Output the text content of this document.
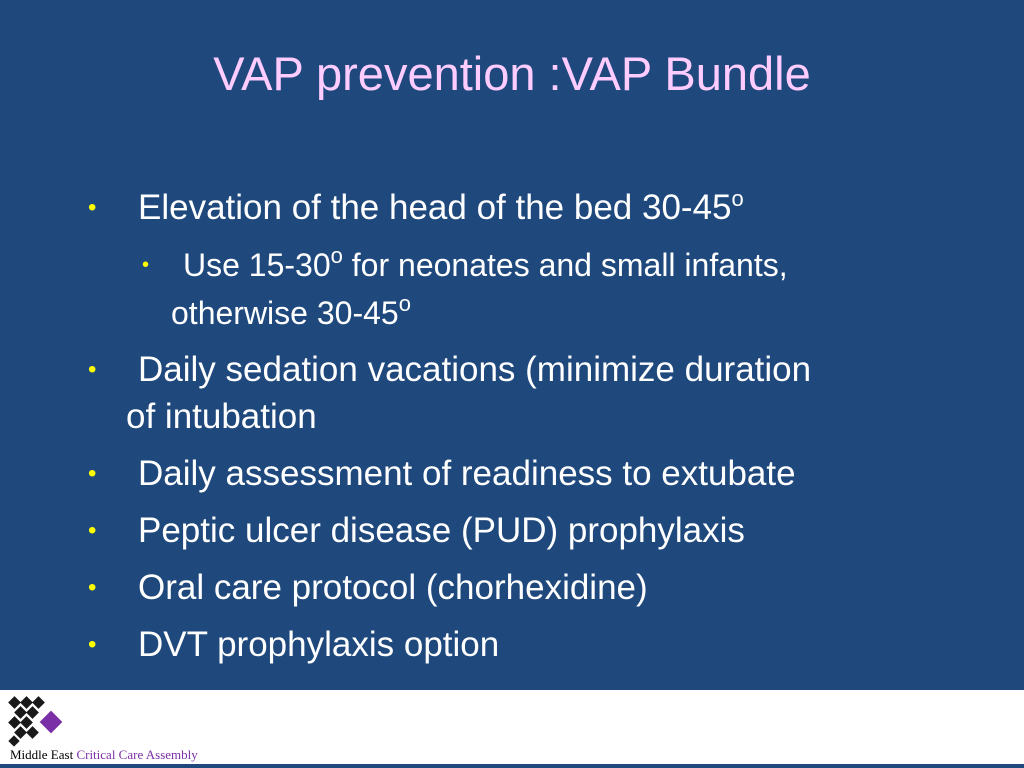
VAP prevention :VAP Bundle
• Elevation of the head of the bed 30-45$^o$
• Use 15-30$^o$ for neonates and small infants,
otherwise 30-45$^o$
• Daily sedation vacations (minimize duration
of intubation
• Daily assessment of readiness to extubate
• Peptic ulcer disease (PUD) prophylaxis
• Oral care protocol (chorhexidine)
• DVT prophylaxis option
Middle East Critical Care Assembly
